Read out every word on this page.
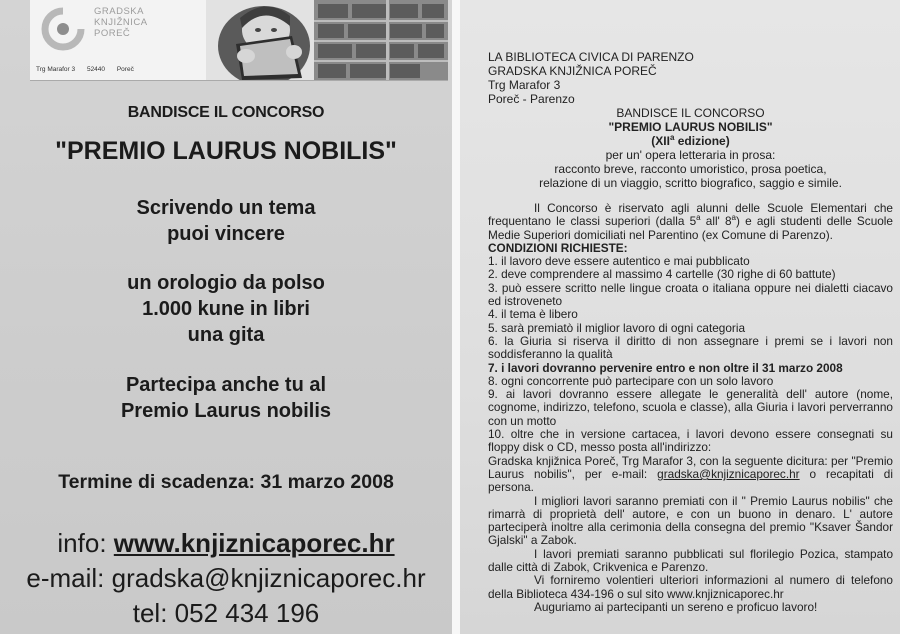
GRADSKA
KNJIŽNICA
POREČ
Trg Marafor 3 52440 Poreč
BANDISCE IL CONCORSO
"PREMIO LAURUS NOBILIS"
Scrivendo un tema
puoi vincere
un orologio da polso
1.000 kune in libri
una gita
Partecipa anche tu al
Premio Laurus nobilis
Termine di scadenza: 31 marzo 2008
info: www.knjiznicaporec.hr
e-mail: gradska@knjiznicaporec.hr
tel: 052 434 196
LA BIBLIOTECA CIVICA DI PARENZO
GRADSKA KNJIŽNICA POREČ
Trg Marafor 3
Poreč - Parenzo
BANDISCE IL CONCORSO
"PREMIO LAURUS NOBILIS"
(XII$^a$ edizione)
per un' opera letteraria in prosa:
racconto breve, racconto umoristico, prosa poetica,
relazione di un viaggio, scritto biografico, saggio e simile.

Il Concorso è riservato agli alunni delle Scuole Elementari che frequentano le classi superiori (dalla 5$^a$ all' 8$^a$) e agli studenti delle Scuole Medie Superiori domiciliati nel Parentino (ex Comune di Parenzo).

CONDIZIONI RICHIESTE:

1. il lavoro deve essere autentico e mai pubblicato

2. deve comprendere al massimo 4 cartelle (30 righe di 60 battute)

3. può essere scritto nelle lingue croata o italiana oppure nei dialetti ciacavo ed istroveneto

4. il tema è libero

5. sarà premiatò il miglior lavoro di ogni categoria

6. la Giuria si riserva il diritto di non assegnare i premi se i lavori non soddisferanno la qualità

7. i lavori dovranno pervenire entro e non oltre il 31 marzo 2008

8. ogni concorrente può partecipare con un solo lavoro

9. ai lavori dovranno essere allegate le generalità dell' autore (nome, cognome, indirizzo, telefono, scuola e classe), alla Giuria i lavori perverranno con un motto

10. oltre che in versione cartacea, i lavori devono essere consegnati su floppy disk o CD, messo posta all'indirizzo:

Gradska knjižnica Poreč, Trg Marafor 3, con la seguente dicitura: per "Premio Laurus nobilis", per e-mail: gradska@knjiznicaporec.hr o recapitati di persona.

I migliori lavori saranno premiati con il " Premio Laurus nobilis" che rimarrà di proprietà dell' autore, e con un buono in denaro. L' autore parteciperà inoltre alla cerimonia della consegna del premio "Ksaver Šandor Gjalski" a Zabok.

I lavori premiati saranno pubblicati sul florilegio Pozica, stampato dalle città di Zabok, Crikvenica e Parenzo.

Vi forniremo volentieri ulteriori informazioni al numero di telefono della Biblioteca 434-196 o sul sito www.knjiznicaporec.hr

Auguriamo ai partecipanti un sereno e proficuo lavoro!
